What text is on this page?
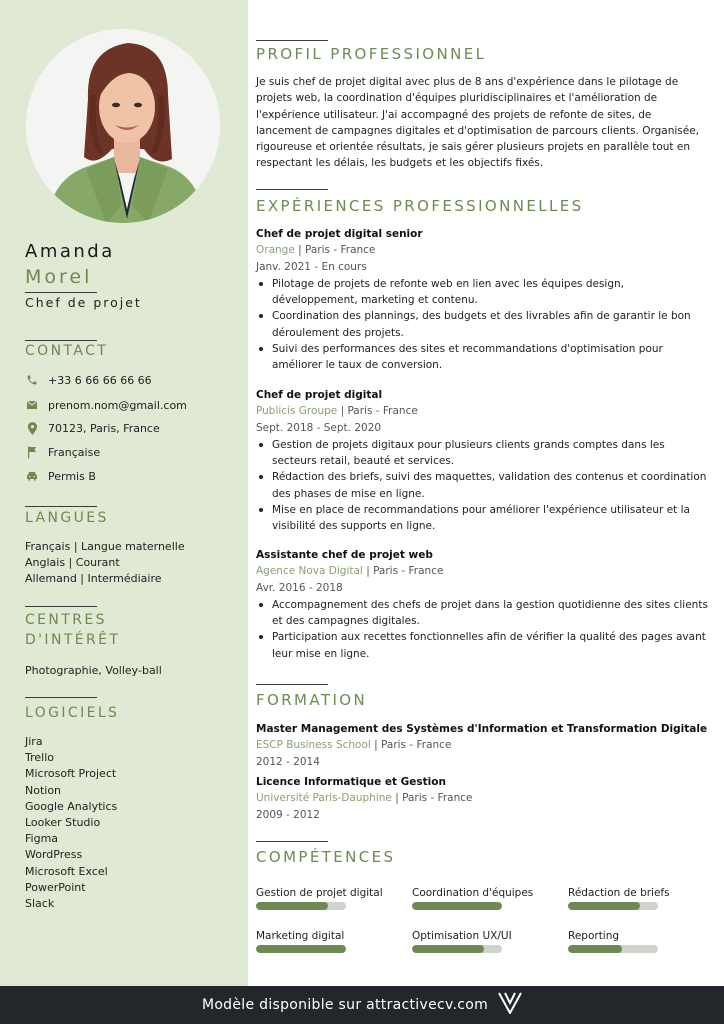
Amanda
Morel
Chef de projet
CONTACT
+33 6 66 66 66 66
prenom.nom@gmail.com
70123, Paris, France
Française
Permis B
LANGUES
Français | Langue maternelle
Anglais | Courant
Allemand | Intermédiaire
CENTRES
D'INTÉRÊT
Photographie, Volley-ball
LOGICIELS
Jira
Trello
Microsoft Project
Notion
Google Analytics
Looker Studio
Figma
WordPress
Microsoft Excel
PowerPoint
Slack
PROFIL PROFESSIONNEL
Je suis chef de projet digital avec plus de 8 ans d'expérience dans le pilotage de projets web, la coordination d'équipes pluridisciplinaires et l'amélioration de l'expérience utilisateur. J'ai accompagné des projets de refonte de sites, de lancement de campagnes digitales et d'optimisation de parcours clients. Organisée, rigoureuse et orientée résultats, je sais gérer plusieurs projets en parallèle tout en respectant les délais, les budgets et les objectifs fixés.
EXPÉRIENCES PROFESSIONNELLES
Chef de projet digital senior
Orange | Paris - France
Janv. 2021 - En cours
Pilotage de projets de refonte web en lien avec les équipes design, développement, marketing et contenu.
Coordination des plannings, des budgets et des livrables afin de garantir le bon déroulement des projets.
Suivi des performances des sites et recommandations d'optimisation pour améliorer le taux de conversion.
Chef de projet digital
Publicis Groupe | Paris - France
Sept. 2018 - Sept. 2020
Gestion de projets digitaux pour plusieurs clients grands comptes dans les secteurs retail, beauté et services.
Rédaction des briefs, suivi des maquettes, validation des contenus et coordination des phases de mise en ligne.
Mise en place de recommandations pour améliorer l'expérience utilisateur et la visibilité des supports en ligne.
Assistante chef de projet web
Agence Nova Digital | Paris - France
Avr. 2016 - 2018
Accompagnement des chefs de projet dans la gestion quotidienne des sites clients et des campagnes digitales.
Participation aux recettes fonctionnelles afin de vérifier la qualité des pages avant leur mise en ligne.
FORMATION
Master Management des Systèmes d'Information et Transformation Digitale
ESCP Business School | Paris - France
2012 - 2014
Licence Informatique et Gestion
Université Paris-Dauphine | Paris - France
2009 - 2012
COMPÉTENCES
Gestion de projet digital	Coordination d'équipes	Rédaction de briefs
Marketing digital	Optimisation UX/UI	Reporting
Modèle disponible sur attractivecv.com
